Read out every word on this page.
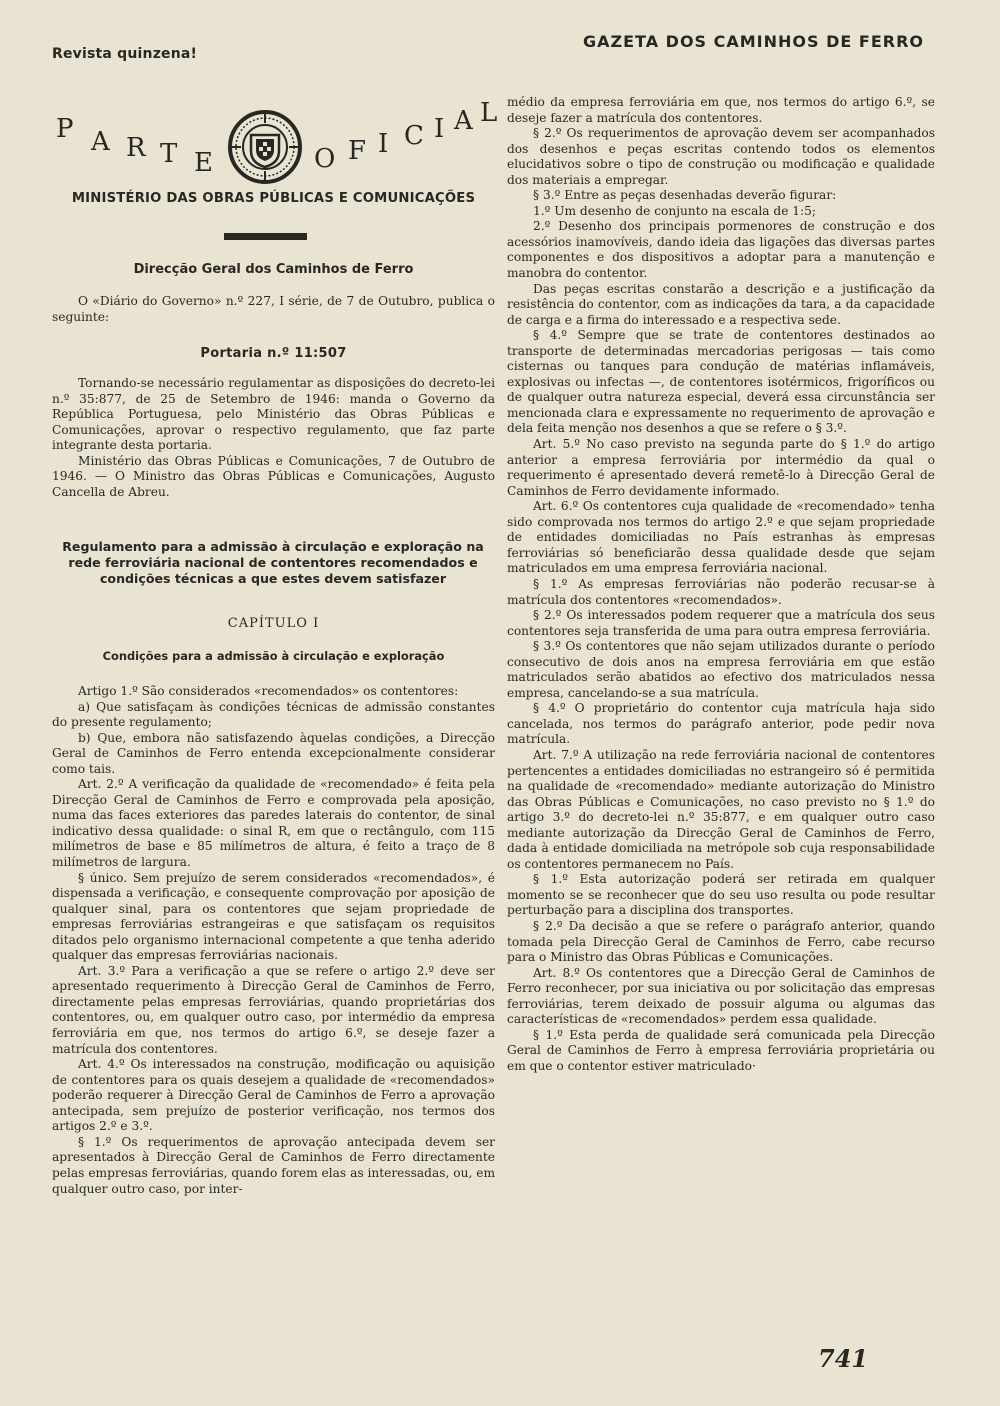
Revista quinzena!
GAZETA DOS CAMINHOS DE FERRO
P A R T E	O F I C I A L
MINISTÉRIO DAS OBRAS PÚBLICAS E COMUNICAÇÕES
Direcção Geral dos Caminhos de Ferro

O «Diário do Governo» n.º 227, I série, de 7 de Outubro, publica o seguinte:

Portaria n.º 11:507

Tornando-se necessário regulamentar as disposições do decreto-lei n.º 35:877, de 25 de Setembro de 1946: manda o Governo da República Portuguesa, pelo Ministério das Obras Públicas e Comunicações, aprovar o respectivo regulamento, que faz parte integrante desta portaria.

Ministério das Obras Públicas e Comunicações, 7 de Outubro de 1946. — O Ministro das Obras Públicas e Comunicações, Augusto Cancella de Abreu.

Regulamento para a admissão à circulação e exploração na rede ferroviária nacional de contentores recomendados e condições técnicas a que estes devem satisfazer
CAPÍTULO I
Condições para a admissão à circulação e exploração

Artigo 1.º São considerados «recomendados» os contentores:

a) Que satisfaçam às condições técnicas de admissão constantes do presente regulamento;

b) Que, embora não satisfazendo àquelas condições, a Direcção Geral de Caminhos de Ferro entenda excepcionalmente considerar como tais.

Art. 2.º A verificação da qualidade de «recomendado» é feita pela Direcção Geral de Caminhos de Ferro e comprovada pela aposição, numa das faces exteriores das paredes laterais do contentor, de sinal indicativo dessa qualidade: o sinal R, em que o rectângulo, com 115 milímetros de base e 85 milímetros de altura, é feito a traço de 8 milímetros de largura.

§ único. Sem prejuízo de serem considerados «recomendados», é dispensada a verificação, e consequente comprovação por aposição de qualquer sinal, para os contentores que sejam propriedade de empresas ferroviárias estrangeiras e que satisfaçam os requisitos ditados pelo organismo internacional competente a que tenha aderido qualquer das empresas ferroviárias nacionais.

Art. 3.º Para a verificação a que se refere o artigo 2.º deve ser apresentado requerimento à Direcção Geral de Caminhos de Ferro, directamente pelas empresas ferroviárias, quando proprietárias dos contentores, ou, em qualquer outro caso, por intermédio da empresa ferroviária em que, nos termos do artigo 6.º, se deseje fazer a matrícula dos contentores.

Art. 4.º Os interessados na construção, modificação ou aquisição de contentores para os quais desejem a qualidade de «recomendados» poderão requerer à Direcção Geral de Caminhos de Ferro a aprovação antecipada, sem prejuízo de posterior verificação, nos termos dos artigos 2.º e 3.º.

§ 1.º Os requerimentos de aprovação antecipada devem ser apresentados à Direcção Geral de Caminhos de Ferro directamente pelas empresas ferroviárias, quando forem elas as interessadas, ou, em qualquer outro caso, por inter-

médio da empresa ferroviária em que, nos termos do artigo 6.º, se deseje fazer a matrícula dos contentores.

§ 2.º Os requerimentos de aprovação devem ser acompanhados dos desenhos e peças escritas contendo todos os elementos elucidativos sobre o tipo de construção ou modificação e qualidade dos materiais a empregar.

§ 3.º Entre as peças desenhadas deverão figurar:

1.º Um desenho de conjunto na escala de 1:5;

2.º Desenho dos principais pormenores de construção e dos acessórios inamovíveis, dando ideia das ligações das diversas partes componentes e dos dispositivos a adoptar para a manutenção e manobra do contentor.

Das peças escritas constarão a descrição e a justificação da resistência do contentor, com as indicações da tara, a da capacidade de carga e a firma do interessado e a respectiva sede.

§ 4.º Sempre que se trate de contentores destinados ao transporte de determinadas mercadorias perigosas — tais como cisternas ou tanques para condução de matérias inflamáveis, explosivas ou infectas —, de contentores isotérmicos, frigoríficos ou de qualquer outra natureza especial, deverá essa circunstância ser mencionada clara e expressamente no requerimento de aprovação e dela feita menção nos desenhos a que se refere o § 3.º.

Art. 5.º No caso previsto na segunda parte do § 1.º do artigo anterior a empresa ferroviária por intermédio da qual o requerimento é apresentado deverá remetê-lo à Direcção Geral de Caminhos de Ferro devidamente informado.

Art. 6.º Os contentores cuja qualidade de «recomendado» tenha sido comprovada nos termos do artigo 2.º e que sejam propriedade de entidades domiciliadas no País estranhas às empresas ferroviárias só beneficiarão dessa qualidade desde que sejam matriculados em uma empresa ferroviária nacional.

§ 1.º As empresas ferroviárias não poderão recusar-se à matrícula dos contentores «recomendados».

§ 2.º Os interessados podem requerer que a matrícula dos seus contentores seja transferida de uma para outra empresa ferroviária.

§ 3.º Os contentores que não sejam utilizados durante o período consecutivo de dois anos na empresa ferroviária em que estão matriculados serão abatidos ao efectivo dos matriculados nessa empresa, cancelando-se a sua matrícula.

§ 4.º O proprietário do contentor cuja matrícula haja sido cancelada, nos termos do parágrafo anterior, pode pedir nova matrícula.

Art. 7.º A utilização na rede ferroviária nacional de contentores pertencentes a entidades domiciliadas no estrangeiro só é permitida na qualidade de «recomendado» mediante autorização do Ministro das Obras Públicas e Comunicações, no caso previsto no § 1.º do artigo 3.º do decreto-lei n.º 35:877, e em qualquer outro caso mediante autorização da Direcção Geral de Caminhos de Ferro, dada à entidade domiciliada na metrópole sob cuja responsabilidade os contentores permanecem no País.

§ 1.º Esta autorização poderá ser retirada em qualquer momento se se reconhecer que do seu uso resulta ou pode resultar perturbação para a disciplina dos transportes.

§ 2.º Da decisão a que se refere o parágrafo anterior, quando tomada pela Direcção Geral de Caminhos de Ferro, cabe recurso para o Ministro das Obras Públicas e Comunicações.

Art. 8.º Os contentores que a Direcção Geral de Caminhos de Ferro reconhecer, por sua iniciativa ou por solicitação das empresas ferroviárias, terem deixado de possuir alguma ou algumas das características de «recomendados» perdem essa qualidade.

§ 1.º Esta perda de qualidade será comunicada pela Direcção Geral de Caminhos de Ferro à empresa ferroviária proprietária ou em que o contentor estiver matriculado·

741
